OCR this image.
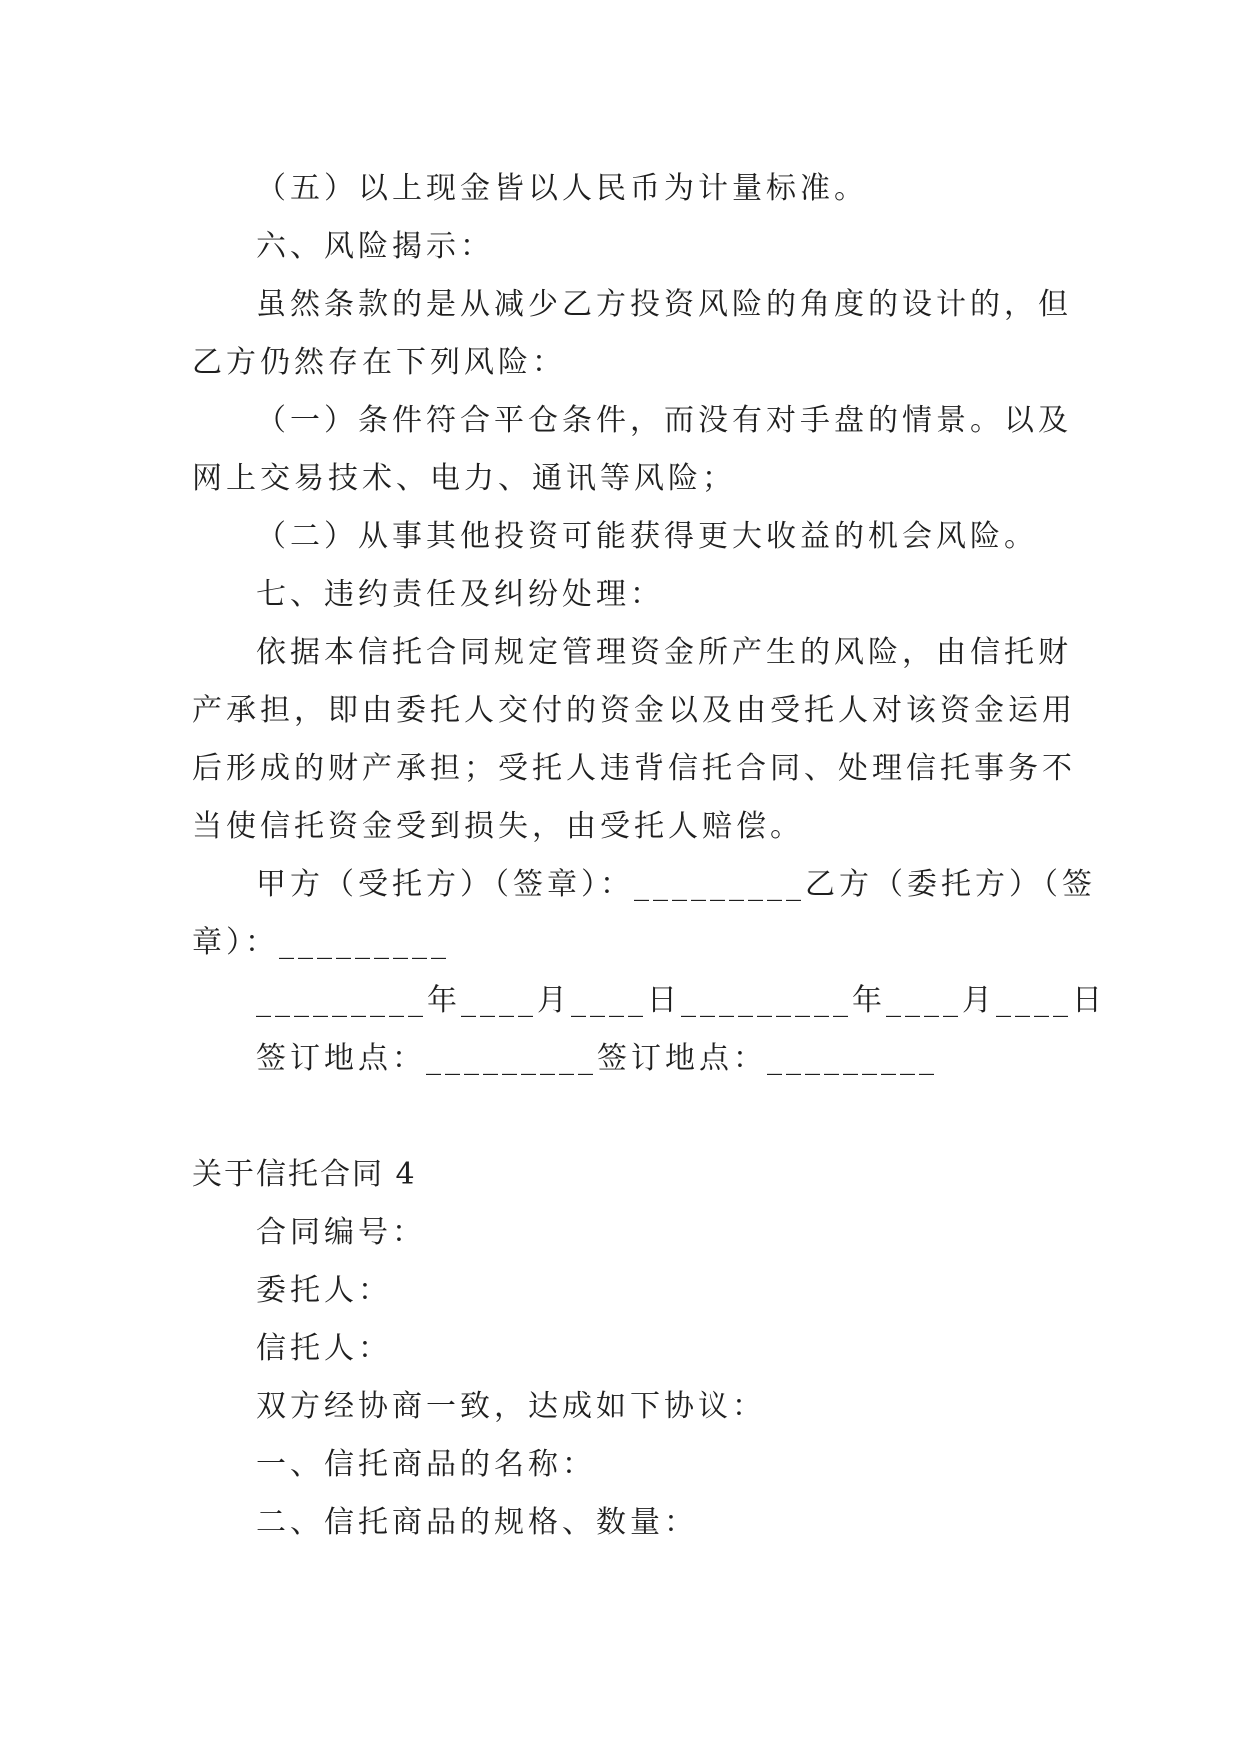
（五）以上现金皆以人民币为计量标准。
六、风险揭示：
虽然条款的是从减少乙方投资风险的角度的设计的，但
乙方仍然存在下列风险：
（一）条件符合平仓条件，而没有对手盘的情景。以及
网上交易技术、电力、通讯等风险；
（二）从事其他投资可能获得更大收益的机会风险。
七、违约责任及纠纷处理：
依据本信托合同规定管理资金所产生的风险，由信托财
产承担，即由委托人交付的资金以及由受托人对该资金运用
后形成的财产承担；受托人违背信托合同、处理信托事务不
当使信托资金受到损失，由受托人赔偿。
甲方（受托方）（签章）：_________乙方（委托方）（签
章）：_________
_________年____月____日_________年____月____日
签订地点：_________签订地点：_________
关于信托合同 4
合同编号：
委托人：
信托人：
双方经协商一致，达成如下协议：
一、信托商品的名称：
二、信托商品的规格、数量：
